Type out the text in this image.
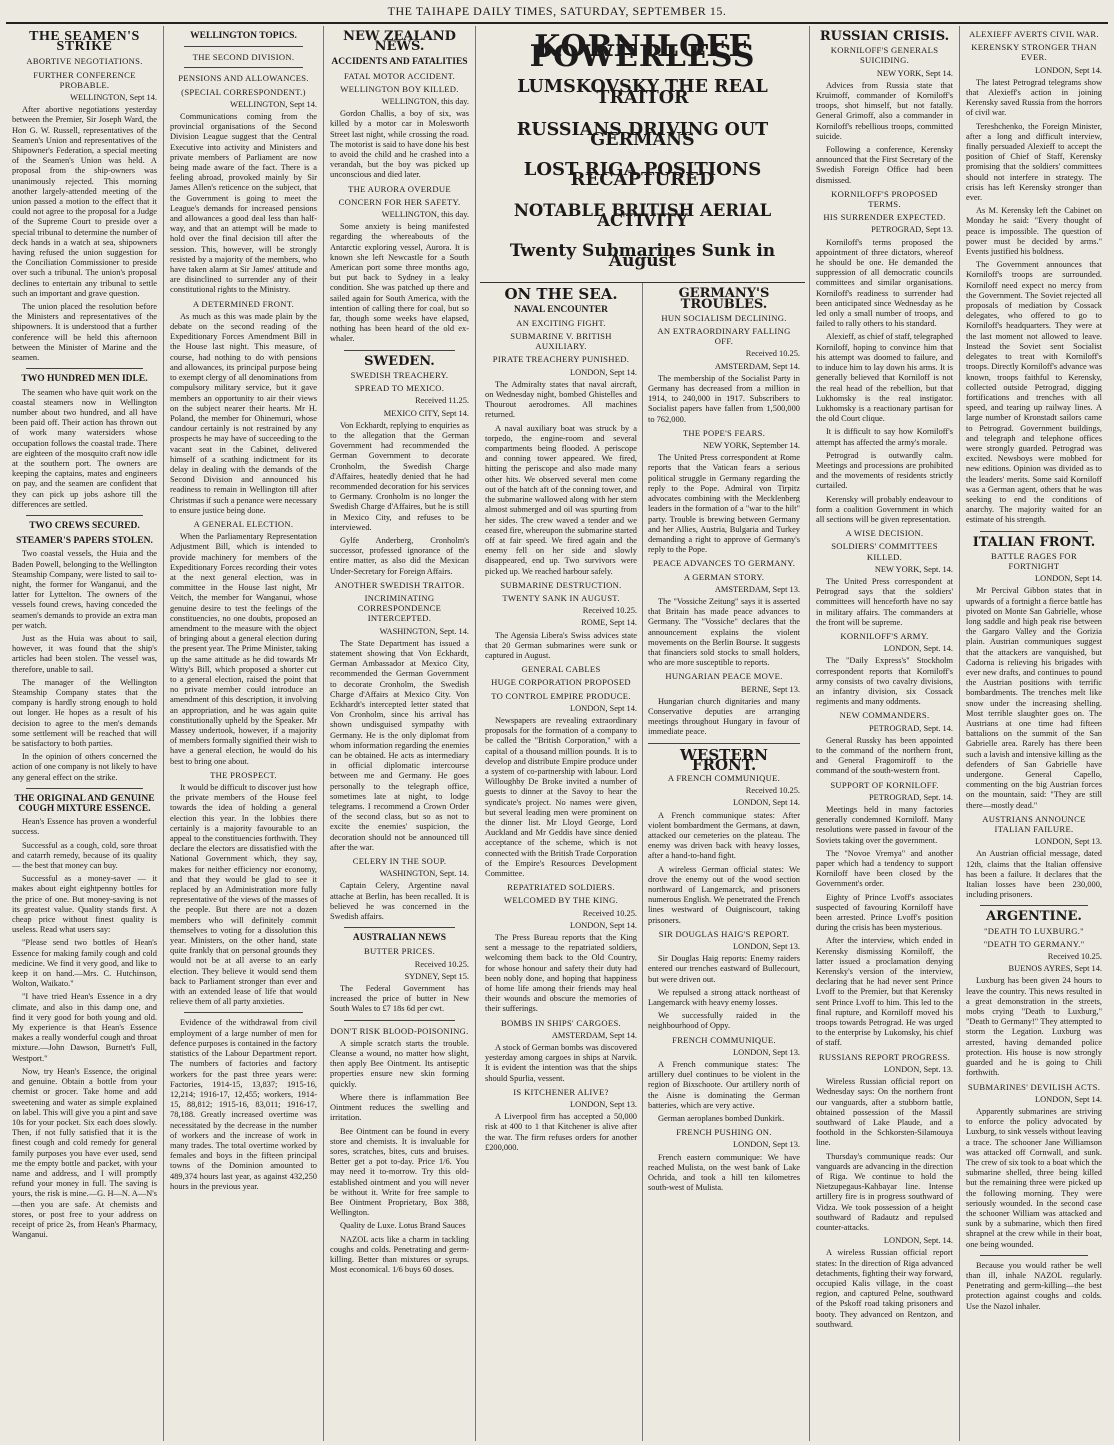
THE TAIHAPE DAILY TIMES, SATURDAY, SEPTEMBER 15.
THE SEAMEN'S STRIKE
ABORTIVE NEGOTIATIONS.
FURTHER CONFERENCE PROBABLE.

WELLINGTON, Sept 14.

After abortive negotiations yesterday between the Premier, Sir Joseph Ward, the Hon G. W. Russell, representatives of the Seamen's Union and representatives of the Shipowner's Federation, a special meeting of the Seamen's Union was held. A proposal from the ship-owners was unanimously rejected. This morning another largely-attended meeting of the union passed a motion to the effect that it could not agree to the proposal for a Judge of the Supreme Court to preside over a special tribunal to determine the number of deck hands in a watch at sea, shipowners having refused the union suggestion for the Conciliation Commissioner to preside over such a tribunal. The union's proposal declines to entertain any tribunal to settle such an important and grave question.

The union placed the resolution before the Ministers and representatives of the shipowners. It is understood that a further conference will be held this afternoon between the Minister of Marine and the seamen.

TWO HUNDRED MEN IDLE.

The seamen who have quit work on the coastal steamers now in Wellington number about two hundred, and all have been paid off. Their action has thrown out of work many watersiders whose occupation follows the coastal trade. There are eighteen of the mosquito craft now idle at the southern port. The owners are keeping the captains, mates and engineers on pay, and the seamen are confident that they can pick up jobs ashore till the differences are settled.

TWO CREWS SECURED.
STEAMER'S PAPERS STOLEN.

Two coastal vessels, the Huia and the Baden Powell, belonging to the Wellington Steamship Company, were listed to sail to-night, the former for Wanganui, and the latter for Lyttelton. The owners of the vessels found crews, having conceded the seamen's demands to provide an extra man per watch.

Just as the Huia was about to sail, however, it was found that the ship's articles had been stolen. The vessel was, therefore, unable to sail.

The manager of the Wellington Steamship Company states that the company is hardly strong enough to hold out longer. He hopes as a result of his decision to agree to the men's demands some settlement will be reached that will be satisfactory to both parties.

In the opinion of others concerned the action of one company is not likely to have any general effect on the strike.

THE ORIGINAL AND GENUINE COUGH MIXTURE ESSENCE.

Hean's Essence has proven a wonderful success.

Successful as a cough, cold, sore throat and catarrh remedy, because of its quality — the best that money can buy.

Successful as a money-saver — it makes about eight eightpenny bottles for the price of one. But money-saving is not its greatest value. Quality stands first. A cheap price without finest quality is useless. Read what users say:

"Please send two bottles of Hean's Essence for making family cough and cold medicine. We find it very good, and like to keep it on hand.—Mrs. C. Hutchinson, Wolton, Waikato."

"I have tried Hean's Essence in a dry climate, and also in this damp one, and find it very good for both young and old. My experience is that Hean's Essence makes a really wonderful cough and throat mixture.—John Dawson, Burnett's Full, Westport."

Now, try Hean's Essence, the original and genuine. Obtain a bottle from your chemist or grocer. Take home and add sweetening and water as simple explained on label. This will give you a pint and save 10s for your pocket. Six each does slowly. Then, if not fully satisfied that it is the finest cough and cold remedy for general family purposes you have ever used, send me the empty bottle and packet, with your name and address, and I will promptly refund your money in full. The saving is yours, the risk is mine.—G. H—N. A—N's—then you are safe. At chemists and stores, or post free to your address on receipt of price 2s, from Hean's Pharmacy, Wanganui.

WELLINGTON TOPICS.
THE SECOND DIVISION.
PENSIONS AND ALLOWANCES.
(SPECIAL CORRESPONDENT.)

WELLINGTON, Sept 14.

Communications coming from the provincial organisations of the Second Division League suggest that the Central Executive into activity and Ministers and private members of Parliament are now being made aware of the fact. There is a feeling abroad, provoked mainly by Sir James Allen's reticence on the subject, that the Government is going to meet the League's demands for increased pensions and allowances a good deal less than half-way, and that an attempt will be made to hold over the final decision till after the session. This, however, will be strongly resisted by a majority of the members, who have taken alarm at Sir James' attitude and are disinclined to surrender any of their constitutional rights to the Ministry.

A DETERMINED FRONT.

As much as this was made plain by the debate on the second reading of the Expeditionary Forces Amendment Bill in the House last night. This measure, of course, had nothing to do with pensions and allowances, its principal purpose being to exempt clergy of all denominations from compulsory military service, but it gave members an opportunity to air their views on the subject nearer their hearts. Mr H. Poland, the member for Ohinemuri, whose candour certainly is not restrained by any prospects he may have of succeeding to the vacant seat in the Cabinet, delivered himself of a scathing indictment for its delay in dealing with the demands of the Second Division and announced his readiness to remain in Wellington till after Christmas if such a penance were necessary to ensure justice being done.

A GENERAL ELECTION.

When the Parliamentary Representation Adjustment Bill, which is intended to provide machinery for members of the Expeditionary Forces recording their votes at the next general election, was in committee in the House last night, Mr Veitch, the member for Wanganui, whose genuine desire to test the feelings of the constituencies, no one doubts, proposed an amendment to the measure with the object of bringing about a general election during the present year. The Prime Minister, taking up the same attitude as he did towards Mr Witty's Bill, which proposed a shorter cut to a general election, raised the point that no private member could introduce an amendment of this description, it involving an appropriation, and he was again quite constitutionally upheld by the Speaker. Mr Massey undertook, however, if a majority of members formally signified their wish to have a general election, he would do his best to bring one about.

THE PROSPECT.

It would be difficult to discover just how the private members of the House feel towards the idea of holding a general election this year. In the lobbies there certainly is a majority favourable to an appeal to the constituencies forthwith. They declare the electors are dissatisfied with the National Government which, they say, makes for neither efficiency nor economy, and that they would be glad to see it replaced by an Administration more fully representative of the views of the masses of the people. But there are not a dozen members who will definitely commit themselves to voting for a dissolution this year. Ministers, on the other hand, state quite frankly that on personal grounds they would not be at all averse to an early election. They believe it would send them back to Parliament stronger than ever and with an extended lease of life that would relieve them of all party anxieties.

Evidence of the withdrawal from civil employment of a large number of men for defence purposes is contained in the factory statistics of the Labour Department report. The numbers of factories and factory workers for the past three years were: Factories, 1914-15, 13,837; 1915-16, 12,214; 1916-17, 12,455; workers, 1914-15, 88,812; 1915-16, 83,011; 1916-17, 78,188. Greatly increased overtime was necessitated by the decrease in the number of workers and the increase of work in many trades. The total overtime worked by females and boys in the fifteen principal towns of the Dominion amounted to 489,374 hours last year, as against 432,250 hours in the previous year.

NEW ZEALAND NEWS.
ACCIDENTS AND FATALITIES
FATAL MOTOR ACCIDENT.
WELLINGTON BOY KILLED.

WELLINGTON, this day.

Gordon Challis, a boy of six, was killed by a motor car in Molesworth Street last night, while crossing the road. The motorist is said to have done his best to avoid the child and he crashed into a verandah, but the boy was picked up unconscious and died later.

THE AURORA OVERDUE
CONCERN FOR HER SAFETY.

WELLINGTON, this day.

Some anxiety is being manifested regarding the whereabouts of the Antarctic exploring vessel, Aurora. It is known she left Newcastle for a South American port some three months ago, but put back to Sydney in a leaky condition. She was patched up there and sailed again for South America, with the intention of calling there for coal, but so far, though some weeks have elapsed, nothing has been heard of the old ex-whaler.

SWEDEN.
SWEDISH TREACHERY.
SPREAD TO MEXICO.

Received 11.25.

MEXICO CITY, Sept 14.

Von Eckhardt, replying to enquiries as to the allegation that the German Government had recommended the German Government to decorate Cronholm, the Swedish Charge d'Affaires, heatedly denied that he had recommended decoration for his services to Germany. Cronholm is no longer the Swedish Charge d'Affaires, but he is still in Mexico City, and refuses to be interviewed.

Gylfe Anderberg, Cronholm's successor, professed ignorance of the entire matter, as also did the Mexican Under-Secretary for Foreign Affairs.

ANOTHER SWEDISH TRAITOR.
INCRIMINATING CORRESPONDENCE INTERCEPTED.

WASHINGTON, Sept. 14.

The State Department has issued a statement showing that Von Eckhardt, German Ambassador at Mexico City, recommended the German Government to decorate Cronholm, the Swedish Charge d'Affairs at Mexico City. Von Eckhardt's intercepted letter stated that Von Cronholm, since his arrival has shown undisguised sympathy with Germany. He is the only diplomat from whom information regarding the enemies can be obtained. He acts as intermediary in official diplomatic intercourse between me and Germany. He goes personally to the telegraph office, sometimes late at night, to lodge telegrams. I recommend a Crown Order of the second class, but so as not to excite the enemies' suspicion, the decoration should not be announced till after the war.

CELERY IN THE SOUP.

WASHINGTON, Sept. 14.

Captain Celery, Argentine naval attache at Berlin, has been recalled. It is believed he was concerned in the Swedish affairs.

AUSTRALIAN NEWS
BUTTER PRICES.

Received 10.25.

SYDNEY, Sept 15.

The Federal Government has increased the price of butter in New South Wales to £7 18s 6d per cwt.

DON'T RISK BLOOD-POISONING.

A simple scratch starts the trouble. Cleanse a wound, no matter how slight, then apply Bee Ointment. Its antiseptic properties ensure new skin forming quickly.

Where there is inflammation Bee Ointment reduces the swelling and irritation.

Bee Ointment can be found in every store and chemists. It is invaluable for sores, scratches, bites, cuts and bruises. Better get a pot to-day. Price 1/6. You may need it to-morrow. Try this old-established ointment and you will never be without it. Write for free sample to Bee Ointment Proprietary, Box 388, Wellington.

Quality de Luxe. Lotus Brand Sauces

NAZOL acts like a charm in tackling coughs and colds. Penetrating and germ-killing. Better than mixtures or syrups. Most economical. 1/6 buys 60 doses.

KORNILOFF POWERLESS
LUMSKOVSKY THE REAL TRAITOR
RUSSIANS DRIVING OUT GERMANS
LOST RIGA POSITIONS RECAPTURED
NOTABLE BRITISH AERIAL ACTIVITY
Twenty Submarines Sunk in August
ON THE SEA.
NAVAL ENCOUNTER
AN EXCITING FIGHT.
SUBMARINE V. BRITISH AUXILIARY.
PIRATE TREACHERY PUNISHED.

LONDON, Sept 14.

The Admiralty states that naval aircraft, on Wednesday night, bombed Ghistelles and Thourout aerodromes. All machines returned.

A naval auxiliary boat was struck by a torpedo, the engine-room and several compartments being flooded. A periscope and conning tower appeared. We fired, hitting the periscope and also made many other hits. We observed several men come out of the hatch aft of the conning tower, and the submarine wallowed along with her stern almost submerged and oil was spurting from her sides. The crew waved a tender and we ceased fire, whereupon the submarine started off at fair speed. We fired again and the enemy fell on her side and slowly disappeared, end up. Two survivors were picked up. We reached harbour safely.

SUBMARINE DESTRUCTION.
TWENTY SANK IN AUGUST.

Received 10.25.

ROME, Sept 14.

The Agensia Libera's Swiss advices state that 20 German submarines were sunk or captured in August.

GENERAL CABLES
HUGE CORPORATION PROPOSED
TO CONTROL EMPIRE PRODUCE.

LONDON, Sept 14.

Newspapers are revealing extraordinary proposals for the formation of a company to be called the "British Corporation," with a capital of a thousand million pounds. It is to develop and distribute Empire produce under a system of co-partnership with labour. Lord Willoughby De Broke invited a number of guests to dinner at the Savoy to hear the syndicate's project. No names were given, but several leading men were prominent on the dinner list. Mr Lloyd George, Lord Auckland and Mr Geddis have since denied acceptance of the scheme, which is not connected with the British Trade Corporation of the Empire's Resources Development Committee.

REPATRIATED SOLDIERS.
WELCOMED BY THE KING.

Received 10.25.

LONDON, Sept 14.

The Press Bureau reports that the King sent a message to the repatriated soldiers, welcoming them back to the Old Country, for whose honour and safety their duty had been nobly done, and hoping that happiness of home life among their friends may heal their wounds and obscure the memories of their sufferings.

BOMBS IN SHIPS' CARGOES.

AMSTERDAM, Sept 14.

A stock of German bombs was discovered yesterday among cargoes in ships at Narvik. It is evident the intention was that the ships should Spurlia, vessent.

IS KITCHENER ALIVE?

LONDON, Sept 13.

A Liverpool firm has accepted a 50,000 risk at 400 to 1 that Kitchener is alive after the war. The firm refuses orders for another £200,000.

GERMANY'S TROUBLES.
HUN SOCIALISM DECLINING.
AN EXTRAORDINARY FALLING OFF.

Received 10.25.

AMSTERDAM, Sept 14.

The membership of the Socialist Party in Germany has decreased from a million in 1914, to 240,000 in 1917. Subscribers to Socialist papers have fallen from 1,500,000 to 762,000.

THE POPE'S FEARS.

NEW YORK, September 14.

The United Press correspondent at Rome reports that the Vatican fears a serious political struggle in Germany regarding the reply to the Pope. Admiral von Tirpitz advocates combining with the Mecklenberg leaders in the formation of a "war to the hilt" party. Trouble is brewing between Germany and her Allies, Austria, Bulgaria and Turkey demanding a right to approve of Germany's reply to the Pope.

PEACE ADVANCES TO GERMANY.
A GERMAN STORY.

AMSTERDAM, Sept 13.

The "Vossiche Zeitung" says it is asserted that Britain has made peace advances to Germany. The "Vossiche" declares that the announcement explains the violent movements on the Berlin Bourse. It suggests that financiers sold stocks to small holders, who are more susceptible to reports.

HUNGARIAN PEACE MOVE.

BERNE, Sept 13.

Hungarian church dignitaries and many Conservative deputies are arranging meetings throughout Hungary in favour of immediate peace.

WESTERN FRONT.
A FRENCH COMMUNIQUE.

Received 10.25.

LONDON, Sept 14.

A French communique states: After violent bombardment the Germans, at dawn, attacked our cemeteries on the plateau. The enemy was driven back with heavy losses, after a hand-to-hand fight.

A wireless German official states: We drove the enemy out of the wood section northward of Langemarck, and prisoners numerous English. We penetrated the French lines westward of Ouigniscourt, taking prisoners.

SIR DOUGLAS HAIG'S REPORT.

LONDON, Sept 13.

Sir Douglas Haig reports: Enemy raiders entered our trenches eastward of Bullecourt, but were driven out.

We repulsed a strong attack northeast of Langemarck with heavy enemy losses.

We successfully raided in the neighbourhood of Oppy.

FRENCH COMMUNIQUE.

LONDON, Sept 13.

A French communique states: The artillery duel continues to be violent in the region of Bixschoote. Our artillery north of the Aisne is dominating the German batteries, which are very active.

German aeroplanes bombed Dunkirk.

FRENCH PUSHING ON.

LONDON, Sept 13.

French eastern communique: We have reached Mulista, on the west bank of Lake Ochrida, and took a hill ten kilometres south-west of Mulista.

RUSSIAN CRISIS.
KORNILOFF'S GENERALS SUICIDING.

NEW YORK, Sept 14.

Advices from Russia state that Kruimoff, commander of Korniloff's troops, shot himself, but not fatally. General Grimoff, also a commander in Korniloff's rebellious troops, committed suicide.

Following a conference, Kerensky announced that the First Secretary of the Swedish Foreign Office had been dismissed.

KORNILOFF'S PROPOSED TERMS.
HIS SURRENDER EXPECTED.

PETROGRAD, Sept 13.

Korniloff's terms proposed the appointment of three dictators, whereof he should be one. He demanded the suppression of all democratic councils committees and similar organisations. Korniloff's readiness to surrender had been anticipated since Wednesday as he led only a small number of troops, and failed to rally others to his standard.

Alexieff, as chief of staff, telegraphed Korniloff, hoping to convince him that his attempt was doomed to failure, and to induce him to lay down his arms. It is generally believed that Korniloff is not the real head of the rebellion, but that Lukhomsky is the real instigator. Lukhomsky is a reactionary partisan for the old Court clique.

It is difficult to say how Korniloff's attempt has affected the army's morale.

Petrograd is outwardly calm. Meetings and processions are prohibited and the movements of residents strictly curtailed.

Kerensky will probably endeavour to form a coalition Government in which all sections will be given representation.

A WISE DECISION.
SOLDIERS' COMMITTEES KILLED.

NEW YORK, Sept. 14.

The United Press correspondent at Petrograd says that the soldiers' committees will henceforth have no say in military affairs. The commanders at the front will be supreme.

KORNILOFF'S ARMY.

LONDON, Sept. 14.

The "Daily Express's" Stockholm correspondent reports that Korniloff's army consists of two cavalry divisions, an infantry division, six Cossack regiments and many oddments.

NEW COMMANDERS.

PETROGRAD, Sept. 14.

General Russky has been appointed to the command of the northern front, and General Fragomiroff to the command of the south-western front.

SUPPORT OF KORNILOFF.

PETROGRAD, Sept. 14.

Meetings held in many factories generally condemned Korniloff. Many resolutions were passed in favour of the Soviets taking over the government.

The "Novoe Vremya" and another paper which had a tendency to support Korniloff have been closed by the Government's order.

Eighty of Prince Lvoff's associates suspected of favouring Korniloff have been arrested. Prince Lvoff's position during the crisis has been mysterious.

After the interview, which ended in Kerensky dismissing Korniloff, the latter issued a proclamation denying Kerensky's version of the interview, declaring that he had never sent Prince Lvoff to the Premier, but that Kerensky sent Prince Lvoff to him. This led to the final rupture, and Korniloff moved his troops towards Petrograd. He was urged to the enterprise by Lukomsky, his chief of staff.

RUSSIANS REPORT PROGRESS.

LONDON, Sept. 13.

Wireless Russian official report on Wednesday says: On the northern front our vanguards, after a stubborn battle, obtained possession of the Massil southward of Lake Plaude, and a foothold in the Schkorsten-Silamouya line.

Thursday's communique reads: Our vanguards are advancing in the direction of Riga. We continue to hold the Nietzupegaus-Kahbayar line. Intense artillery fire is in progress southward of Vidza. We took possession of a height southward of Radautz and repulsed counter-attacks.

LONDON, Sept. 14.

A wireless Russian official report states: In the direction of Riga advanced detachments, fighting their way forward, occupied Kalis village, in the coast region, and captured Pelne, southward of the Pskoff road taking prisoners and booty. They advanced on Rentzon, and southward.

ALEXIEFF AVERTS CIVIL WAR.
KERENSKY STRONGER THAN EVER.

LONDON, Sept 14.

The latest Petrograd telegrams show that Alexieff's action in joining Kerensky saved Russia from the horrors of civil war.

Tereshchenko, the Foreign Minister, after a long and difficult interview, finally persuaded Alexieff to accept the position of Chief of Staff, Kerensky promising that the soldiers' committees should not interfere in strategy. The crisis has left Kerensky stronger than ever.

As M. Kerensky left the Cabinet on Monday he said: "Every thought of peace is impossible. The question of power must be decided by arms." Events justified his boldness.

The Government announces that Korniloff's troops are surrounded. Korniloff need expect no mercy from the Government. The Soviet rejected all proposals of mediation by Cossack delegates, who offered to go to Korniloff's headquarters. They were at the last moment not allowed to leave. Instead the Soviet sent Socialist delegates to treat with Korniloff's troops. Directly Korniloff's advance was known, troops faithful to Kerensky, collected outside Petrograd, digging fortifications and trenches with all speed, and tearing up railway lines. A large number of Kronstadt sailors came to Petrograd. Government buildings, and telegraph and telephone offices were strongly guarded. Petrograd was excited. Newsboys were mobbed for new editions. Opinion was divided as to the leaders' merits. Some said Korniloff was a German agent, others that he was seeking to end the conditions of anarchy. The majority waited for an estimate of his strength.

ITALIAN FRONT.
BATTLE RAGES FOR FORTNIGHT

LONDON, Sept 14.

Mr Percival Gibbon states that in upwards of a fortnight a fierce battle has pivoted on Monte San Gabrielle, whose long saddle and high peak rise between the Gargaro Valley and the Gorizia plain. Austrian communiques suggest that the attackers are vanquished, but Cadorna is relieving his brigades with ever new drafts, and continues to pound the Austrian positions with terrific bombardments. The trenches melt like snow under the increasing shelling. Most terrible slaughter goes on. The Austrians at one time had fifteen battalions on the summit of the San Gabrielle area. Rarely has there been such a lavish and intensive killing as the defenders of San Gabrielle have undergone. General Capello, commenting on the big Austrian forces on the mountain, said: "They are still there—mostly dead."

AUSTRIANS ANNOUNCE ITALIAN FAILURE.

LONDON, Sept 13.

An Austrian official message, dated 12th, claims that the Italian offensive has been a failure. It declares that the Italian losses have been 230,000, including prisoners.

ARGENTINE.
"DEATH TO LUXBURG."
"DEATH TO GERMANY."

Received 10.25.

BUENOS AYRES, Sept 14.

Luxburg has been given 24 hours to leave the country. This news resulted in a great demonstration in the streets, mobs crying "Death to Luxburg," "Death to Germany!" They attempted to storm the Legation. Luxburg was arrested, having demanded police protection. His house is now strongly guarded and he is going to Chili forthwith.

SUBMARINES' DEVILISH ACTS.

LONDON, Sept 14.

Apparently submarines are striving to enforce the policy advocated by Luxburg, to sink vessels without leaving a trace. The schooner Jane Williamson was attacked off Cornwall, and sunk. The crew of six took to a boat which the submarine shelled, three being killed but the remaining three were picked up the following morning. They were seriously wounded. In the second case the schooner William was attacked and sunk by a submarine, which then fired shrapnel at the crew while in their boat, one being wounded.

Because you would rather be well than ill, inhale NAZOL regularly. Penetrating and germ-killing—the best protection against coughs and colds. Use the Nazol inhaler.
